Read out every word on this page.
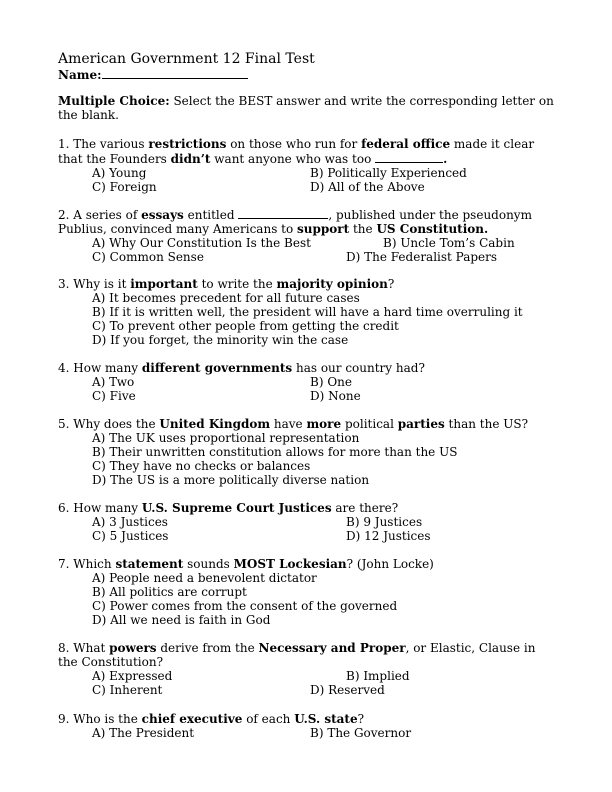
American Government 12 Final Test
Name:
Multiple Choice: Select the BEST answer and write the corresponding letter on the blank.
1. The various restrictions on those who run for federal office made it clear that the Founders didn’t want anyone who was too	.
A) Young	B) Politically Experienced
C) Foreign	D) All of the Above
2. A series of essays entitled	, published under the pseudonym Publius, convinced many Americans to support the US Constitution.
A) Why Our Constitution Is the Best	B) Uncle Tom’s Cabin
C) Common Sense	D) The Federalist Papers
3. Why is it important to write the majority opinion?
A) It becomes precedent for all future cases
B) If it is written well, the president will have a hard time overruling it
C) To prevent other people from getting the credit
D) If you forget, the minority win the case
4. How many different governments has our country had?
A) Two	B) One
C) Five	D) None
5. Why does the United Kingdom have more political parties than the US?
A) The UK uses proportional representation
B) Their unwritten constitution allows for more than the US
C) They have no checks or balances
D) The US is a more politically diverse nation
6. How many U.S. Supreme Court Justices are there?
A) 3 Justices	B) 9 Justices
C) 5 Justices	D) 12 Justices
7. Which statement sounds MOST Lockesian? (John Locke)
A) People need a benevolent dictator
B) All politics are corrupt
C) Power comes from the consent of the governed
D) All we need is faith in God
8. What powers derive from the Necessary and Proper, or Elastic, Clause in the Constitution?
A) Expressed	B) Implied
C) Inherent	D) Reserved
9. Who is the chief executive of each U.S. state?
A) The President	B) The Governor
